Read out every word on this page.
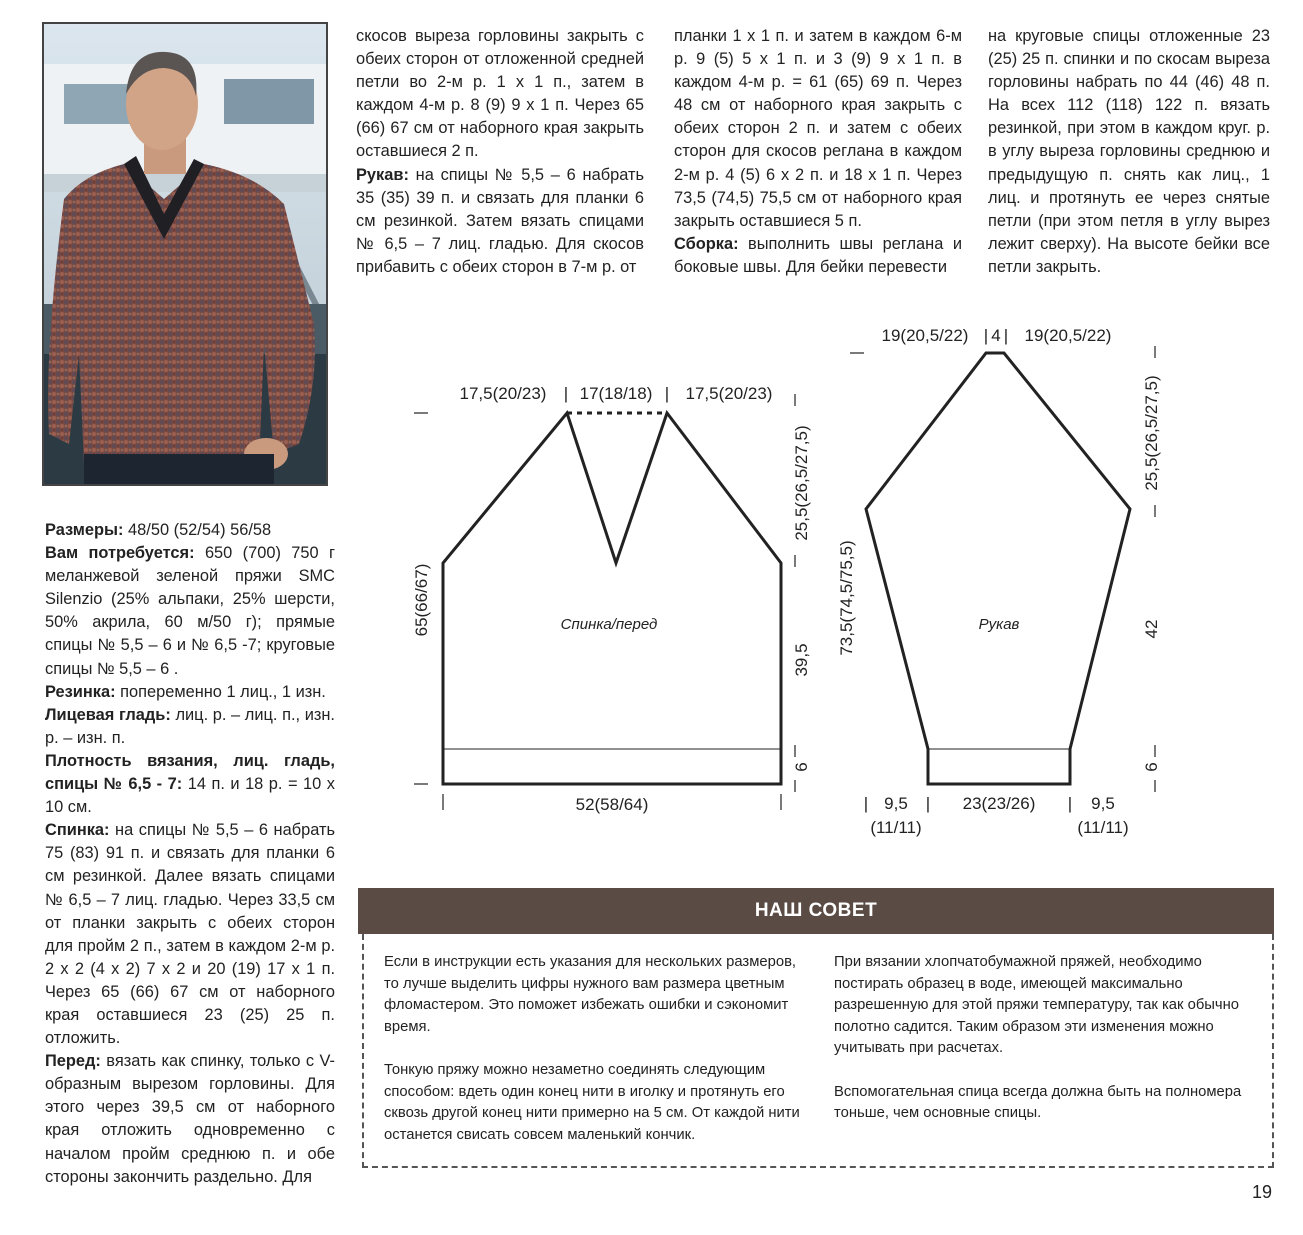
Размеры: 48/50 (52/54) 56/58

Вам потребуется: 650 (700) 750 г меланжевой зеленой пряжи SMC Silenzio (25% альпаки, 25% шерсти, 50% акрила, 60 м/50 г); прямые спицы № 5,5 – 6 и № 6,5 -7; круговые спицы № 5,5 – 6 .

Резинка: попеременно 1 лиц., 1 изн.

Лицевая гладь: лиц. р. – лиц. п., изн. р. – изн. п.

Плотность вязания, лиц. гладь, спицы № 6,5 - 7: 14 п. и 18 р. = 10 x 10 см.

Спинка: на спицы № 5,5 – 6 набрать 75 (83) 91 п. и связать для планки 6 см резинкой. Далее вязать спицами № 6,5 – 7 лиц. гладью. Через 33,5 см от планки закрыть с обеих сторон для пройм 2 п., затем в каждом 2-м р. 2 x 2 (4 x 2) 7 x 2 и 20 (19) 17 x 1 п. Через 65 (66) 67 см от наборного края оставшиеся 23 (25) 25 п. отложить.

Перед: вязать как спинку, только с V-образным вырезом горловины. Для этого через 39,5 см от наборного края отложить одновременно с началом пройм среднюю п. и обе стороны закончить раздельно. Для

скосов выреза горловины закрыть с обеих сторон от отложенной средней петли во 2-м р. 1 x 1 п., затем в каждом 4-м р. 8 (9) 9 x 1 п. Через 65 (66) 67 см от наборного края закрыть оставшиеся 2 п.

Рукав: на спицы № 5,5 – 6 набрать 35 (35) 39 п. и связать для планки 6 см резинкой. Затем вязать спицами № 6,5 – 7 лиц. гладью. Для скосов прибавить с обеих сторон в 7-м р. от

планки 1 x 1 п. и затем в каждом 6-м р. 9 (5) 5 x 1 п. и 3 (9) 9 x 1 п. в каждом 4-м р. = 61 (65) 69 п. Через 48 см от наборного края закрыть с обеих сторон 2 п. и затем с обеих сторон для скосов реглана в каждом 2-м р. 4 (5) 6 x 2 п. и 18 x 1 п. Через 73,5 (74,5) 75,5 см от наборного края закрыть оставшиеся 5 п.

Сборка: выполнить швы реглана и боковые швы. Для бейки перевести

на круговые спицы отложенные 23 (25) 25 п. спинки и по скосам выреза горловины набрать по 44 (46) 48 п. На всех 112 (118) 122 п. вязать резинкой, при этом в каждом круг. р. в углу выреза горловины среднюю и предыдущую п. снять как лиц., 1 лиц. и протянуть ее через снятые петли (при этом петля в углу вырез лежит сверху). На высоте бейки все петли закрыть.

17,5(20/23) | 17(18/18) | 17,5(20/23)
65(66/67)
25,5(26,5/27,5)
39,5
6
52(58/64)
Спинка/перед
19(20,5/22) | 4 | 19(20,5/22)
73,5(74,5/75,5)
25,5(26,5/27,5)
42
6
| 9,5
(11/11)
| 23(23/26) | 9,5
(11/11)
Рукав
НАШ СОВЕТ

Если в инструкции есть указания для нескольких размеров, то лучше выделить цифры нужного вам размера цветным фломастером. Это поможет избежать ошибки и сэкономит время.

Тонкую пряжу можно незаметно соединять следующим способом: вдеть один конец нити в иголку и протянуть его сквозь другой конец нити примерно на 5 см. От каждой нити останется свисать совсем маленький кончик.

При вязании хлопчатобумажной пряжей, необходимо постирать образец в воде, имеющей максимально разрешенную для этой пряжи температуру, так как обычно полотно садится. Таким образом эти изменения можно учитывать при расчетах.

Вспомогательная спица всегда должна быть на полномера тоньше, чем основные спицы.

19
